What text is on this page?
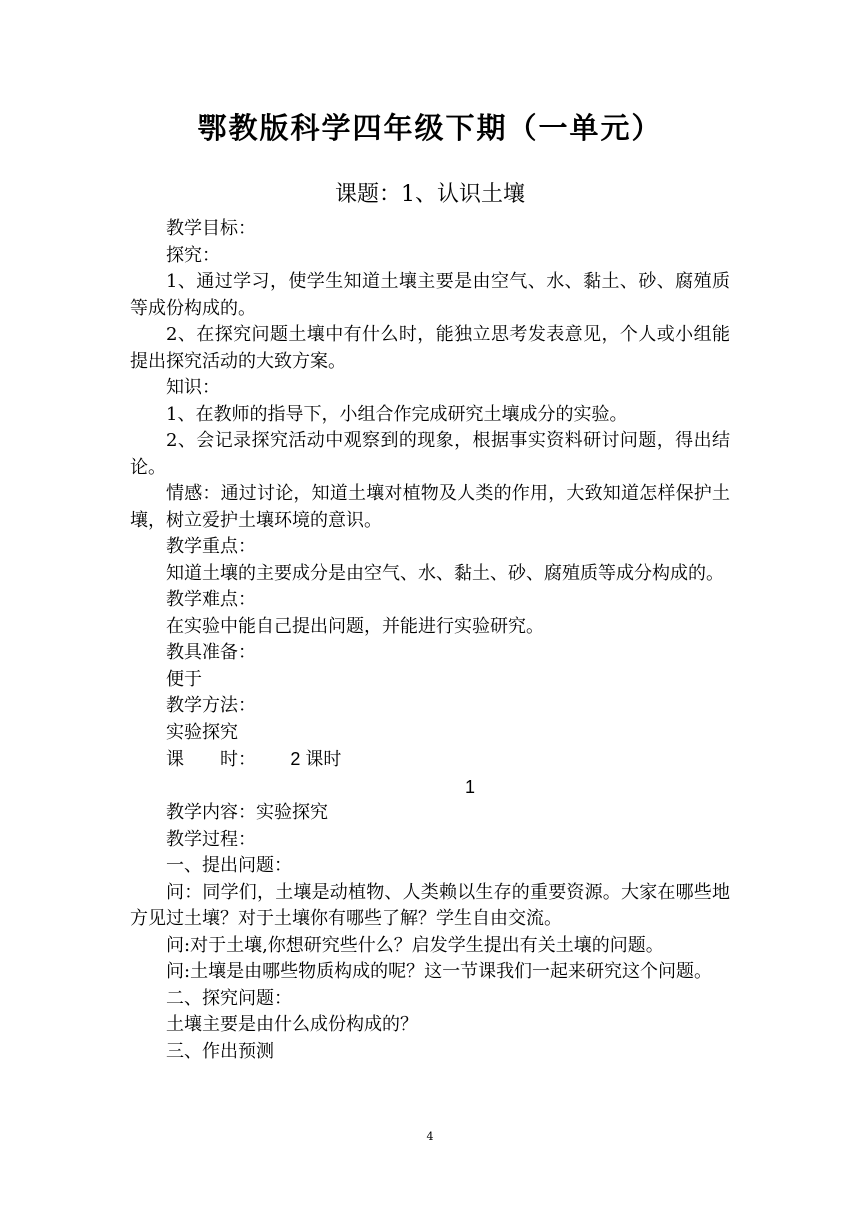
鄂教版科学四年级下期（一单元）
课题：1、认识土壤

教学目标：

探究：

1、通过学习，使学生知道土壤主要是由空气、水、黏土、砂、腐殖质等成份构成的。

2、在探究问题土壤中有什么时，能独立思考发表意见，个人或小组能提出探究活动的大致方案。

知识：

1、在教师的指导下，小组合作完成研究土壤成分的实验。

2、会记录探究活动中观察到的现象，根据事实资料研讨问题，得出结论。

情感：通过讨论，知道土壤对植物及人类的作用，大致知道怎样保护土壤，树立爱护土壤环境的意识。

教学重点：

知道土壤的主要成分是由空气、水、黏土、砂、腐殖质等成分构成的。

教学难点：

在实验中能自己提出问题，并能进行实验研究。

教具准备：

便于

教学方法：

实验探究

课　　时： 2 课时

1

教学内容：实验探究

教学过程：

一、提出问题：

问：同学们，土壤是动植物、人类赖以生存的重要资源。大家在哪些地方见过土壤？对于土壤你有哪些了解？学生自由交流。

问:对于土壤,你想研究些什么？启发学生提出有关土壤的问题。

问:土壤是由哪些物质构成的呢？这一节课我们一起来研究这个问题。

二、探究问题：

土壤主要是由什么成份构成的？

三、作出预测

4
